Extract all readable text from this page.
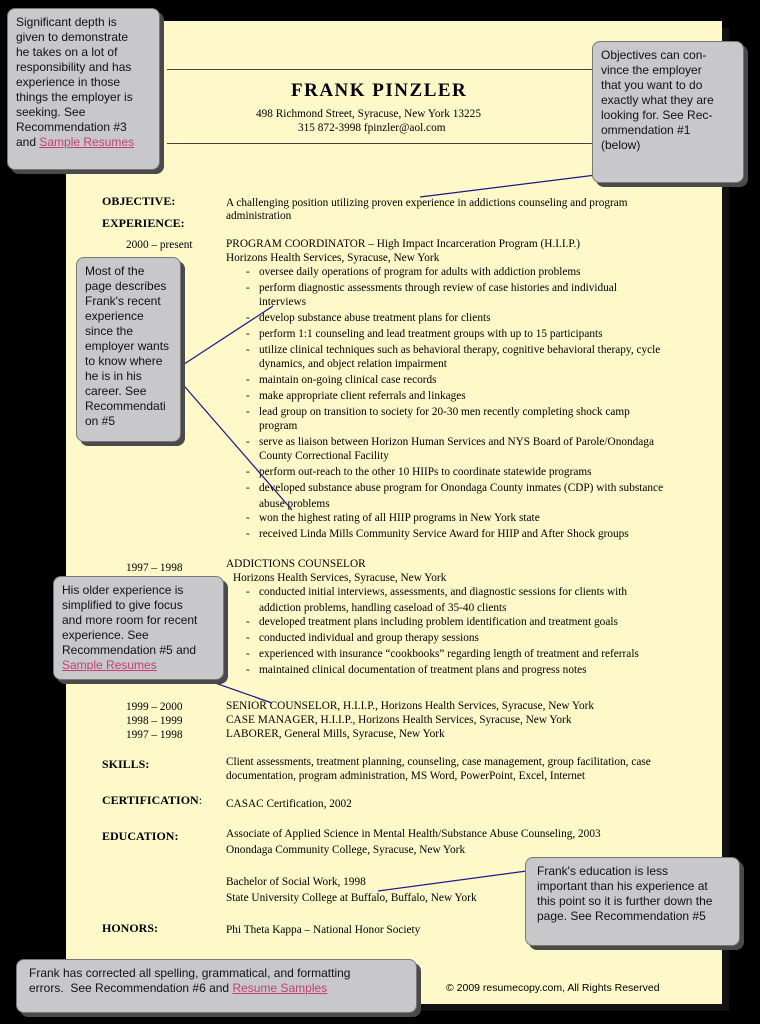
FRANK PINZLER
498 Richmond Street, Syracuse, New York 13225
315 872-3998 fpinzler@aol.com
OBJECTIVE:	A challenging position utilizing proven experience in addictions counseling and program
administration
EXPERIENCE:
2000 – present	PROGRAM COORDINATOR – High Impact Incarceration Program (H.I.I.P.)
Horizons Health Services, Syracuse, New York
- oversee daily operations of program for adults with addiction problems
- perform diagnostic assessments through review of case histories and individual
interviews
- develop substance abuse treatment plans for clients
- perform 1:1 counseling and lead treatment groups with up to 15 participants
- utilize clinical techniques such as behavioral therapy, cognitive behavioral therapy, cycle
dynamics, and object relation impairment
- maintain on-going clinical case records
- make appropriate client referrals and linkages
- lead group on transition to society for 20-30 men recently completing shock camp
program
- serve as liaison between Horizon Human Services and NYS Board of Parole/Onondaga
County Correctional Facility
- perform out-reach to the other 10 HIIPs to coordinate statewide programs
- developed substance abuse program for Onondaga County inmates (CDP) with substance
abuse problems
- won the highest rating of all HIIP programs in New York state
- received Linda Mills Community Service Award for HIIP and After Shock groups
1997 – 1998	ADDICTIONS COUNSELOR
Horizons Health Services, Syracuse, New York
- conducted initial interviews, assessments, and diagnostic sessions for clients with
addiction problems, handling caseload of 35-40 clients
- developed treatment plans including problem identification and treatment goals
- conducted individual and group therapy sessions
- experienced with insurance “cookbooks” regarding length of treatment and referrals
- maintained clinical documentation of treatment plans and progress notes
1999 – 2000	SENIOR COUNSELOR, H.I.I.P., Horizons Health Services, Syracuse, New York
1998 – 1999	CASE MANAGER, H.I.I.P., Horizons Health Services, Syracuse, New York
1997 – 1998	LABORER, General Mills, Syracuse, New York
SKILLS:	Client assessments, treatment planning, counseling, case management, group facilitation, case
documentation, program administration, MS Word, PowerPoint, Excel, Internet
CERTIFICATION: CASAC Certification, 2002
EDUCATION:	Associate of Applied Science in Mental Health/Substance Abuse Counseling, 2003
Onondaga Community College, Syracuse, New York
Bachelor of Social Work, 1998
State University College at Buffalo, Buffalo, New York
HONORS:	Phi Theta Kappa – National Honor Society
© 2009 resumecopy.com, All Rights Reserved
Significant depth is
given to demonstrate
he takes on a lot of
responsibility and has
experience in those
things the employer is
seeking. See
Recommendation #3
and Sample Resumes
Objectives can con-
vince the employer
that you want to do
exactly what they are
looking for. See Rec-
ommendation #1
(below)
Most of the
page describes
Frank's recent
experience
since the
employer wants
to know where
he is in his
career. See
Recommendati
on #5
His older experience is
simplified to give focus
and more room for recent
experience. See
Recommendation #5 and
Sample Resumes
Frank's education is less
important than his experience at
this point so it is further down the
page. See Recommendation #5
Frank has corrected all spelling, grammatical, and formatting
errors.  See Recommendation #6 and Resume Samples
